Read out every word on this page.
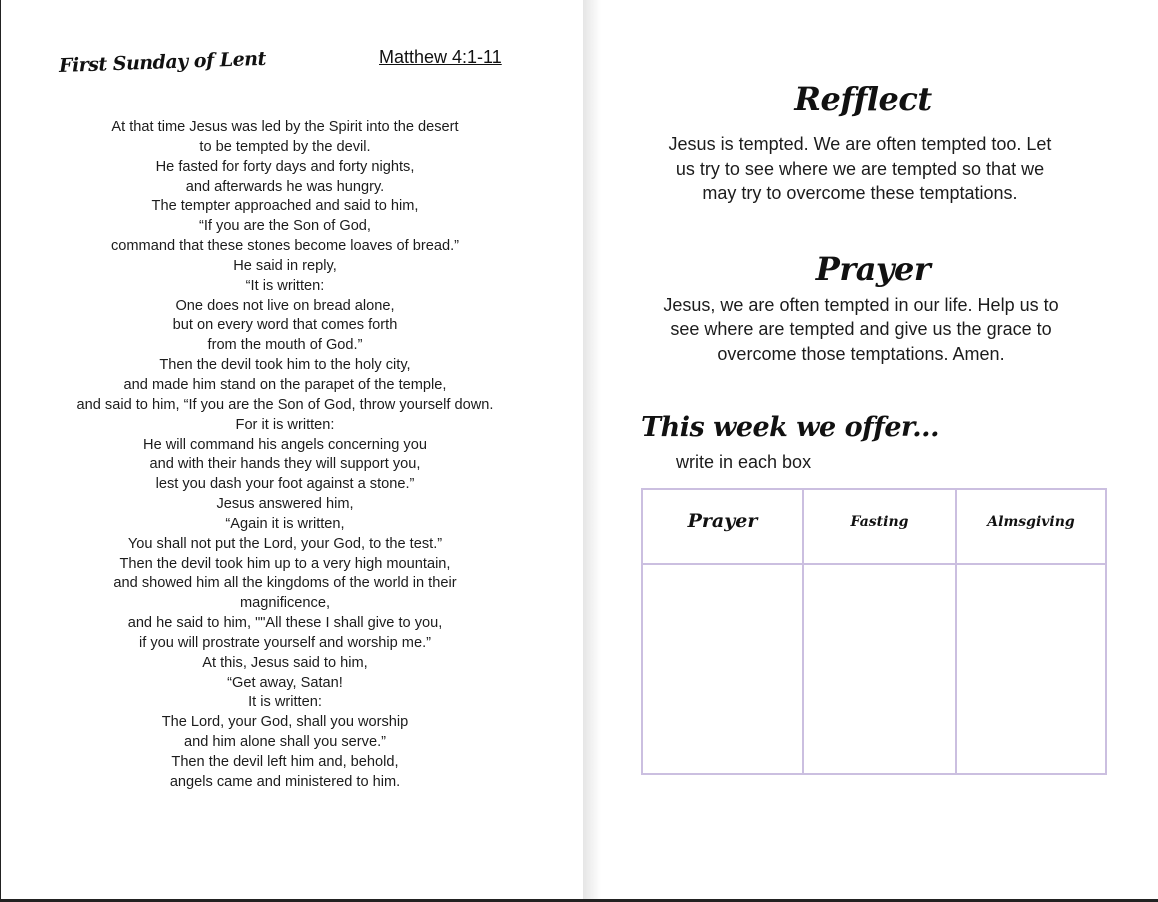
First Sunday of Lent	Matthew 4:1-11
At that time Jesus was led by the Spirit into the desert
to be tempted by the devil.
He fasted for forty days and forty nights,
and afterwards he was hungry.
The tempter approached and said to him,
“If you are the Son of God,
command that these stones become loaves of bread.”
He said in reply,
“It is written:
One does not live on bread alone,
but on every word that comes forth
from the mouth of God.”
Then the devil took him to the holy city,
and made him stand on the parapet of the temple,
and said to him, “If you are the Son of God, throw yourself down.
For it is written:
He will command his angels concerning you
and with their hands they will support you,
lest you dash your foot against a stone.”
Jesus answered him,
“Again it is written,
You shall not put the Lord, your God, to the test.”
Then the devil took him up to a very high mountain,
and showed him all the kingdoms of the world in their
magnificence,
and he said to him, ""All these I shall give to you,
if you will prostrate yourself and worship me.”
At this, Jesus said to him,
“Get away, Satan!
It is written:
The Lord, your God, shall you worship
and him alone shall you serve.”
Then the devil left him and, behold,
angels came and ministered to him.
Refflect
Jesus is tempted. We are often tempted too. Let us try to see where we are tempted so that we may try to overcome these temptations.
Prayer
Jesus, we are often tempted in our life. Help us to see where are tempted and give us the grace to overcome those temptations. Amen.
This week we offer...
write in each box
Prayer	Fasting	Almsgiving
